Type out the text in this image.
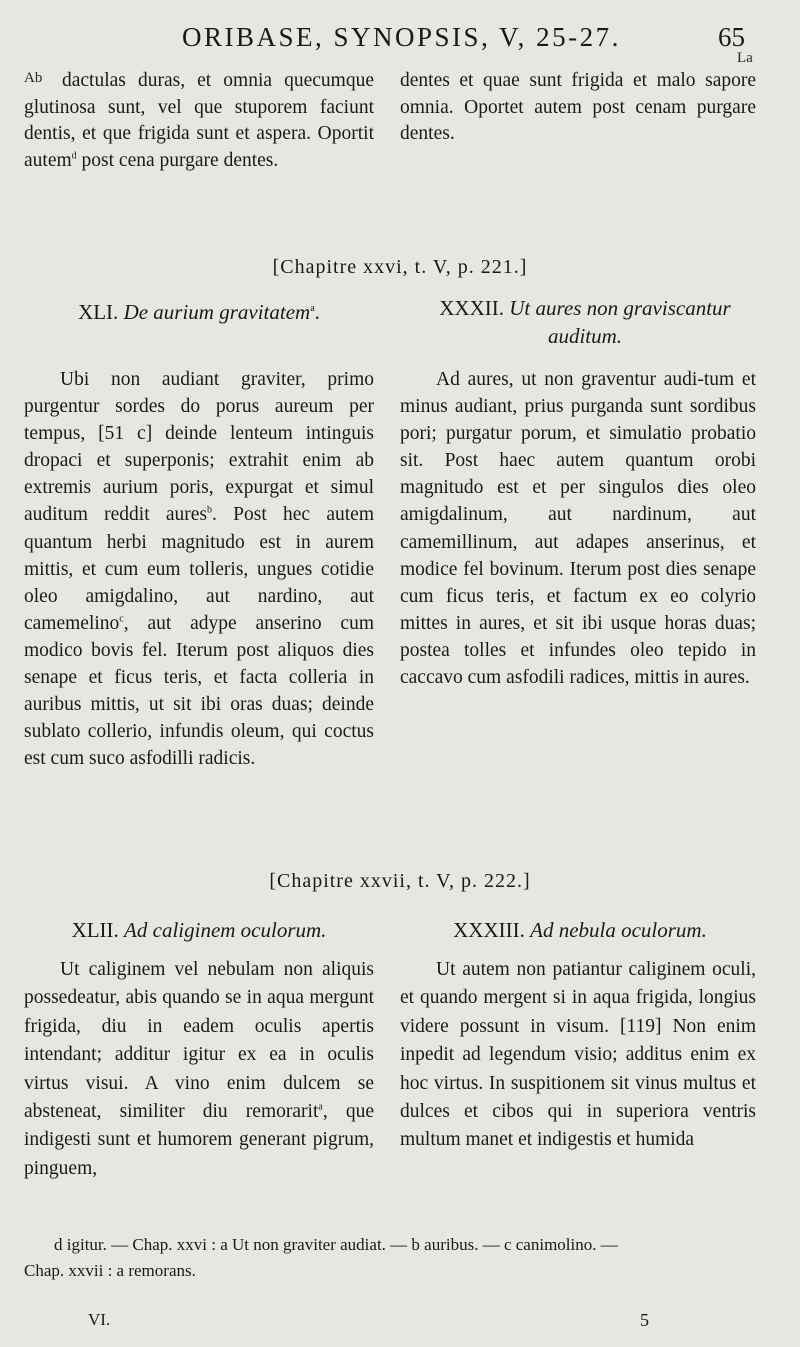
ORIBASE, SYNOPSIS, V, 25-27.	65
Ab
La

dactulas duras, et omnia quecumque glutinosa sunt, vel que stuporem faciunt dentis, et que frigida sunt et aspera. Oportit autem$^d$ post cena purgare dentes.

dentes et quae sunt frigida et malo sapore omnia. Oportet autem post cenam purgare dentes.

[Chapitre xxvi, t. V, p. 221.]
XLI. De aurium gravitatem$^a$.	XXXII. Ut aures non graviscantur auditum.

Ubi non audiant graviter, primo purgentur sordes do porus aureum per tempus, [51 c] deinde lenteum intinguis dropaci et superponis; extrahit enim ab extremis aurium poris, expurgat et simul auditum reddit aures$^b$. Post hec autem quantum herbi magnitudo est in aurem mittis, et cum eum tolleris, ungues cotidie oleo amigdalino, aut nardino, aut camemelino$^c$, aut adype anserino cum modico bovis fel. Iterum post aliquos dies senape et ficus teris, et facta colleria in auribus mittis, ut sit ibi oras duas; deinde sublato collerio, infundis oleum, qui coctus est cum suco asfodilli radicis.

Ad aures, ut non graventur audi-tum et minus audiant, prius purganda sunt sordibus pori; purgatur porum, et simulatio probatio sit. Post haec autem quantum orobi magnitudo est et per singulos dies oleo amigdalinum, aut nardinum, aut camemillinum, aut adapes anserinus, et modice fel bovinum. Iterum post dies senape cum ficus teris, et factum ex eo colyrio mittes in aures, et sit ibi usque horas duas; postea tolles et infundes oleo tepido in caccavo cum asfodili radices, mittis in aures.

[Chapitre xxvii, t. V, p. 222.]
XLII. Ad caliginem oculorum.	XXXIII. Ad nebula oculorum.

Ut caliginem vel nebulam non aliquis possedeatur, abis quando se in aqua mergunt frigida, diu in eadem oculis apertis intendant; additur igitur ex ea in oculis virtus visui. A vino enim dulcem se absteneat, similiter diu remorarit$^a$, que indigesti sunt et humorem generant pigrum, pinguem,

Ut autem non patiantur caliginem oculi, et quando mergent si in aqua frigida, longius videre possunt in visum. [119] Non enim inpedit ad legendum visio; additus enim ex hoc virtus. In suspitionem sit vinus multus et dulces et cibos qui in superiora ventris multum manet et indigestis et humida

d igitur. — Chap. xxvi : a Ut non graviter audiat. — b auribus. — c canimolino. —
Chap. xxvii : a remorans.
VI.	5
